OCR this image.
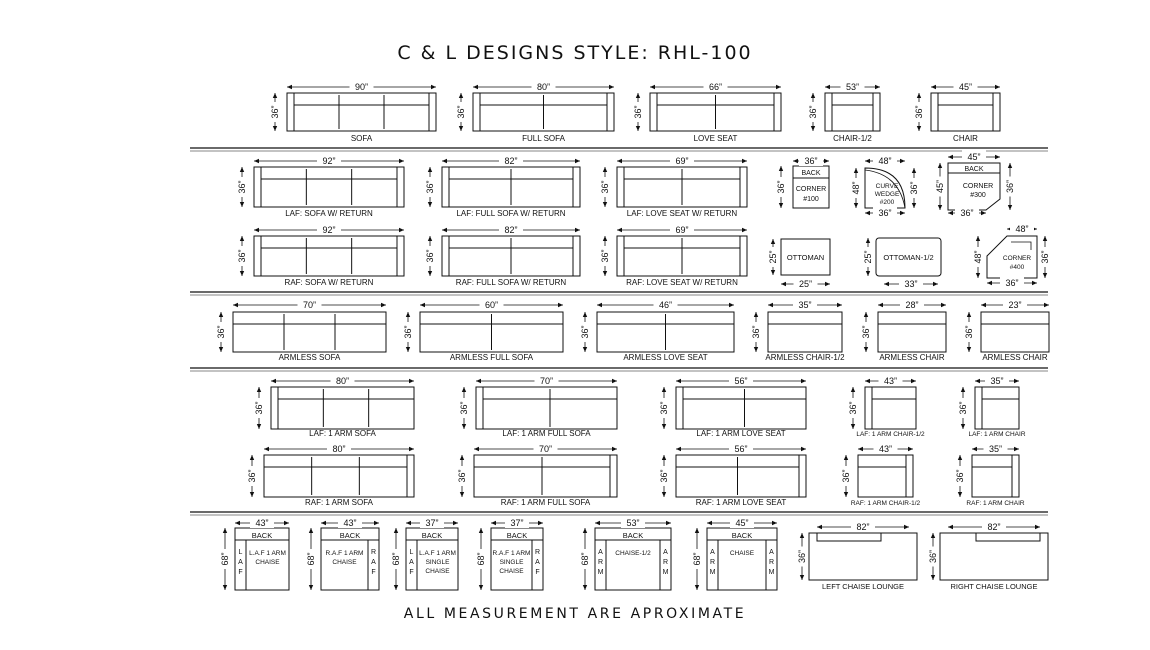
C & L DESIGNS STYLE: RHL-100
90”
36”
SOFA
80”
36”
FULL SOFA
66”
36”
LOVE SEAT
53”
36”
CHAIR-1/2
45”
36”
CHAIR
92”
36”
LAF: SOFA W/ RETURN
82”
36”
LAF: FULL SOFA W/ RETURN
69”
36”
LAF: LOVE SEAT W/ RETURN
92”
36”
RAF: SOFA W/ RETURN
82”
36”
RAF: FULL SOFA W/ RETURN
69”
36”
RAF: LOVE SEAT W/ RETURN
70”
36”
ARMLESS SOFA
60”
36”
ARMLESS FULL SOFA
46”
36”
ARMLESS LOVE SEAT
35”
36”
ARMLESS CHAIR-1/2
28”
36”
ARMLESS CHAIR
23”
36”
ARMLESS CHAIR
80”
36”
LAF: 1 ARM SOFA
70”
36”
LAF: 1 ARM FULL SOFA
56”
36”
LAF: 1 ARM LOVE SEAT
43”
36”
LAF: 1 ARM CHAIR-1/2
35”
36”
LAF: 1 ARM CHAIR
80”
36”
RAF: 1 ARM SOFA
70”
36”
RAF: 1 ARM FULL SOFA
56”
36”
RAF: 1 ARM LOVE SEAT
43”
36”
RAF: 1 ARM CHAIR-1/2
35”
36”
RAF: 1 ARM CHAIR
BACK
CORNER
#100
36”
36”	CURVE
WEDGE
#200
48”
48”
36”
36”
BACK
CORNER
#300
45”
45”
36”
36”
OTTOMAN
25”
25”	OTTOMAN-1/2
33”
25”	CORNER
#400
48”
48”
36”
36”
BACK
L
A
F
L.A.F 1 ARM
CHAISE
43”
68”
BACK
R
A
F
R.A.F 1 ARM
CHAISE
43”
68”
BACK
L
A
F
L.A.F 1 ARM
SINGLE
CHAISE
37”
68”
BACK
R
A
F
R.A.F 1 ARM
SINGLE
CHAISE
37”
68”
BACK
A
R
M
A
R
M
CHAISE-1/2
53”
68”
BACK
A
R
M
A
R
M
CHAISE
45”
68”
82”
36”
LEFT CHAISE LOUNGE
82”
36”
RIGHT CHAISE LOUNGE
ALL MEASUREMENT ARE APROXIMATE
